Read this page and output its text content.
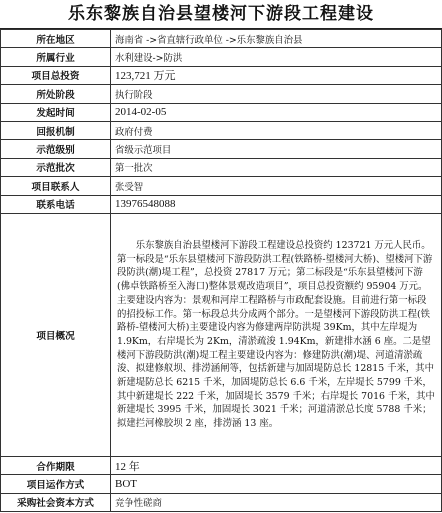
乐东黎族自治县望楼河下游段工程建设
所在地区	海南省 ->省直辖行政单位 ->乐东黎族自治县
所属行业	水利建设->防洪
项目总投资	123,721 万元
所处阶段	执行阶段
发起时间	2014-02-05
回报机制	政府付费
示范级别	省级示范项目
示范批次	第一批次
项目联系人	张受智
联系电话	13976548088
项目概况	乐东黎族自治县望楼河下游段工程建设总投资约 123721 万元人民币。第一标段是“乐东县望楼河下游段防洪工程(铁路桥-望楼河大桥)、望楼河下游段防洪(潮)堤工程”，总投资 27817 万元；第二标段是“乐东县望楼河下游(佛卓铁路桥至入海口)整体景观改造项目”，项目总投资额约 95904 万元。主要建设内容为：景观和河岸工程路桥与市政配套设施。目前进行第一标段的招投标工作。第一标段总共分成两个部分。一是望楼河下游段防洪工程(铁路桥-望楼河大桥)主要建设内容为修建两岸防洪堤 39Km，其中左岸堤为 1.9Km，右岸堤长为 2Km，清淤疏浚 1.94Km，新建排水涵 6 座。二是望楼河下游段防洪(潮)堤工程主要建设内容为：修建防洪(潮)堤、河道清淤疏浚、拟建修舣坝、排涝涵闸等，包括新建与加固堤防总长 12815 千米，其中新建堤防总长 6215 千米，加固堤防总长 6.6 千米，左岸堤长 5799 千米，其中新建堤长 222 千米，加固堤长 3579 千米；右岸堤长 7016 千米，其中新建堤长 3995 千米，加固堤长 3021 千米；河道清淤总长度 5788 千米；拟建拦河橡胶坝 2 座，排涝涵 13 座。
合作期限	12 年
项目运作方式	BOT
采购社会资本方式	竞争性磋商
